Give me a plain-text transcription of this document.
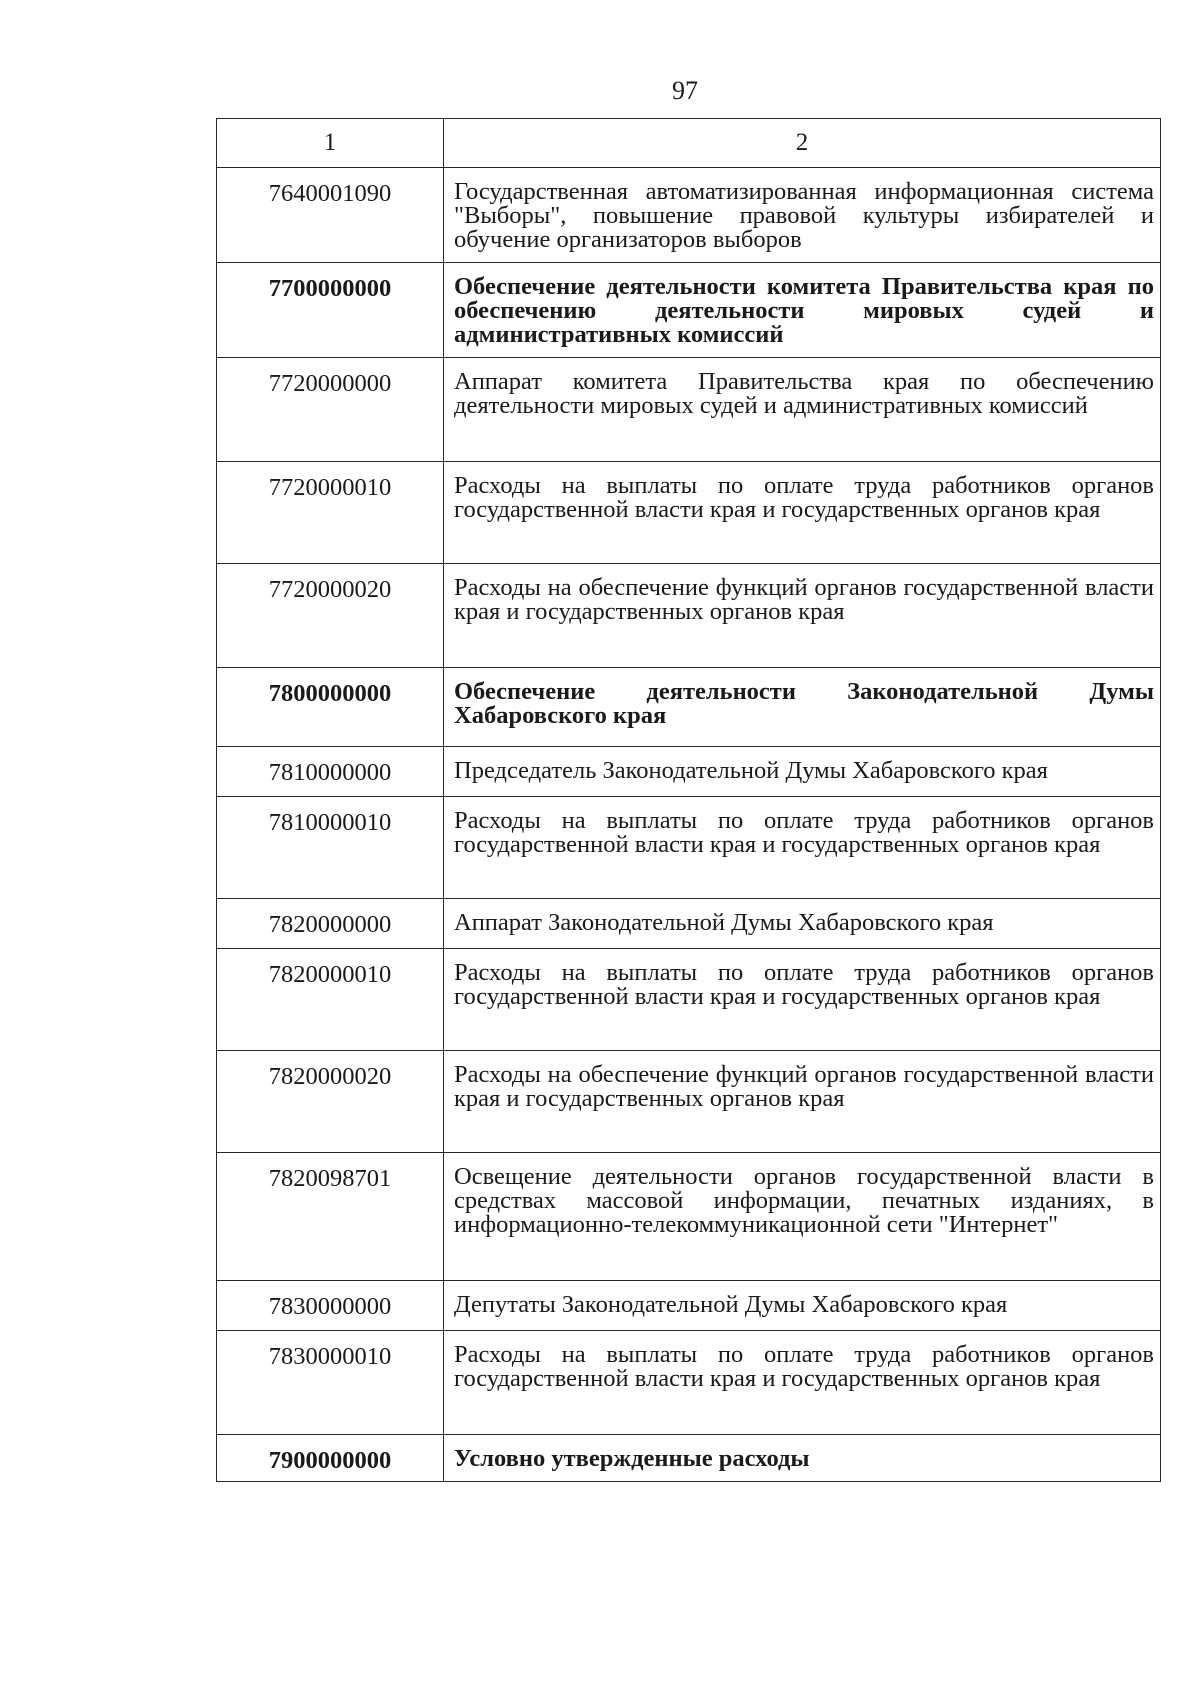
97
1	2
7640001090	Государственная автоматизированная информационная система "Выборы", повышение правовой культуры избирателей и обучение организаторов выборов
7700000000	Обеспечение деятельности комитета Правительства края по обеспечению деятельности мировых судей и административных комиссий
7720000000	Аппарат комитета Правительства края по обеспечению деятельности мировых судей и административных комиссий
7720000010	Расходы на выплаты по оплате труда работников органов государственной власти края и государственных органов края
7720000020	Расходы на обеспечение функций органов государственной власти края и государственных органов края
7800000000	Обеспечение деятельности Законодательной Думы Хабаровского края
7810000000	Председатель Законодательной Думы Хабаровского края
7810000010	Расходы на выплаты по оплате труда работников органов государственной власти края и государственных органов края
7820000000	Аппарат Законодательной Думы Хабаровского края
7820000010	Расходы на выплаты по оплате труда работников органов государственной власти края и государственных органов края
7820000020	Расходы на обеспечение функций органов государственной власти края и государственных органов края
7820098701	Освещение деятельности органов государственной власти в средствах массовой информации, печатных изданиях, в информационно-телекоммуникационной сети "Интернет"
7830000000	Депутаты Законодательной Думы Хабаровского края
7830000010	Расходы на выплаты по оплате труда работников органов государственной власти края и государственных органов края
7900000000	Условно утвержденные расходы
